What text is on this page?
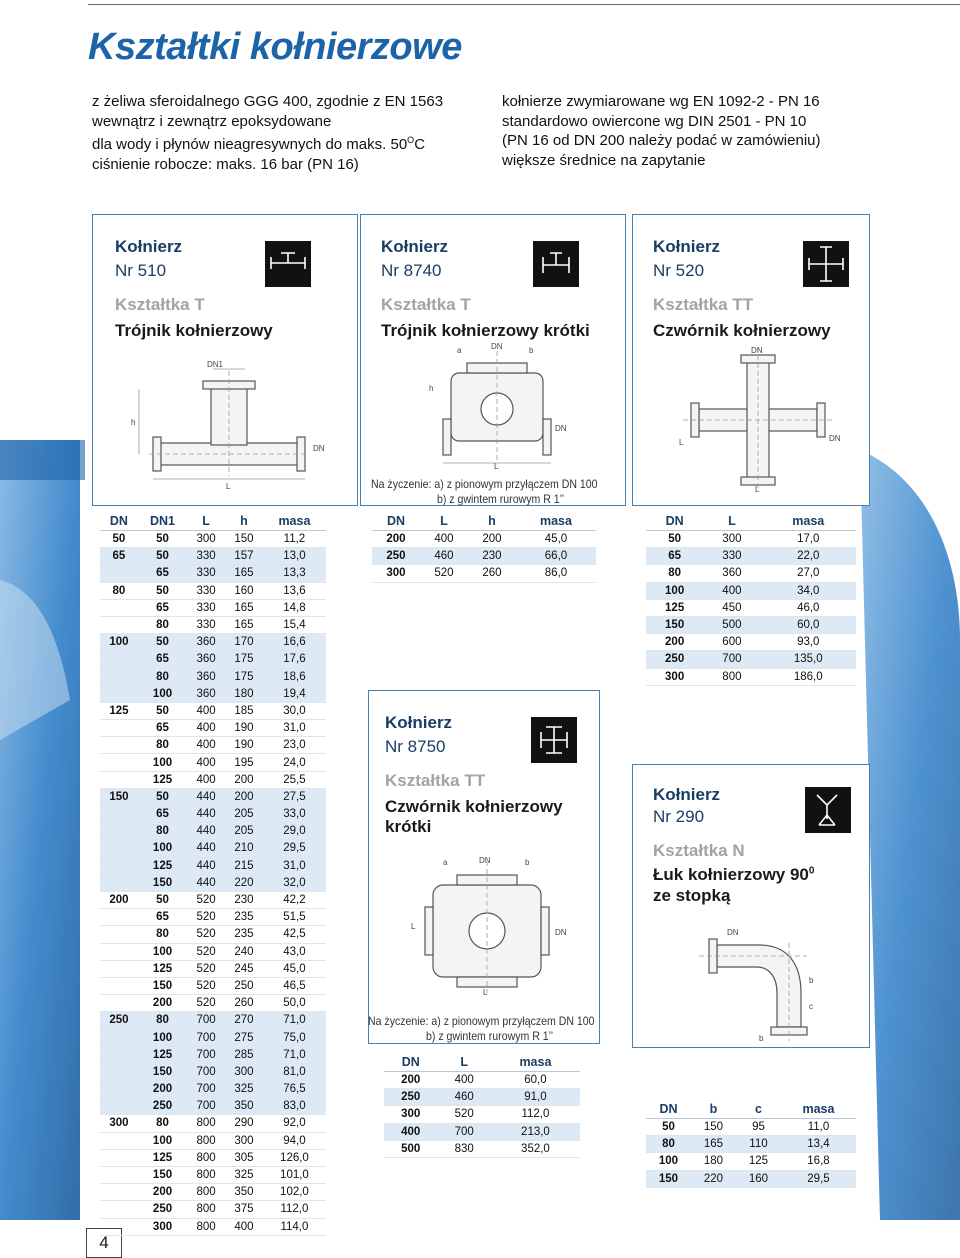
Kształtki kołnierzowe
z żeliwa sferoidalnego GGG 400, zgodnie z EN 1563
wewnątrz i zewnątrz epoksydowane
dla wody i płynów nieagresywnych do maks. $50^OC$
ciśnienie robocze: maks. 16 bar (PN 16)
kołnierze zwymiarowane wg EN 1092-2 - PN 16
standardowo owiercone wg DIN 2501 - PN 10
(PN 16 od DN 200 należy podać w zamówieniu)
większe średnice na zapytanie
Kołnierz
Nr 510
Kształtka T
Trójnik kołnierzowy
DN1
h
DN
L
Kołnierz
Nr 8740
Kształtka T
Trójnik kołnierzowy krótki
DN
a	b
h
DN
L
Na życzenie: a) z pionowym przyłączem DN 100
b) z gwintem rurowym R 1’’
Kołnierz
Nr 520
Kształtka TT
Czwórnik kołnierzowy
DN
L	DN
L
Kołnierz
Nr 8750
Kształtka TT
Czwórnik kołnierzowy
krótki
DN
a	b
L
DN
L
Na życzenie: a) z pionowym przyłączem DN 100
b) z gwintem rurowym R 1’’
Kołnierz
Nr 290
Kształtka N
Łuk kołnierzowy $90^0$
ze stopką
DN
b
c
b
DN	DN1	L	h	masa
50	50	300	150	11,2
65	50	330	157	13,0
	65	330	165	13,3
80	50	330	160	13,6
	65	330	165	14,8
	80	330	165	15,4
100	50	360	170	16,6
	65	360	175	17,6
	80	360	175	18,6
	100	360	180	19,4
125	50	400	185	30,0
	65	400	190	31,0
	80	400	190	23,0
	100	400	195	24,0
	125	400	200	25,5
150	50	440	200	27,5
	65	440	205	33,0
	80	440	205	29,0
	100	440	210	29,5
	125	440	215	31,0
	150	440	220	32,0
200	50	520	230	42,2
	65	520	235	51,5
	80	520	235	42,5
	100	520	240	43,0
	125	520	245	45,0
	150	520	250	46,5
	200	520	260	50,0
250	80	700	270	71,0
	100	700	275	75,0
	125	700	285	71,0
	150	700	300	81,0
	200	700	325	76,5
	250	700	350	83,0
300	80	800	290	92,0
	100	800	300	94,0
	125	800	305	126,0
	150	800	325	101,0
	200	800	350	102,0
	250	800	375	112,0
	300	800	400	114,0
DN	L	h	masa
200	400	200	45,0
250	460	230	66,0
300	520	260	86,0
DN	L	masa
50	300	17,0
65	330	22,0
80	360	27,0
100	400	34,0
125	450	46,0
150	500	60,0
200	600	93,0
250	700	135,0
300	800	186,0
DN	L	masa
200	400	60,0
250	460	91,0
300	520	112,0
400	700	213,0
500	830	352,0
DN	b	c	masa
50	150	95	11,0
80	165	110	13,4
100	180	125	16,8
150	220	160	29,5
4
